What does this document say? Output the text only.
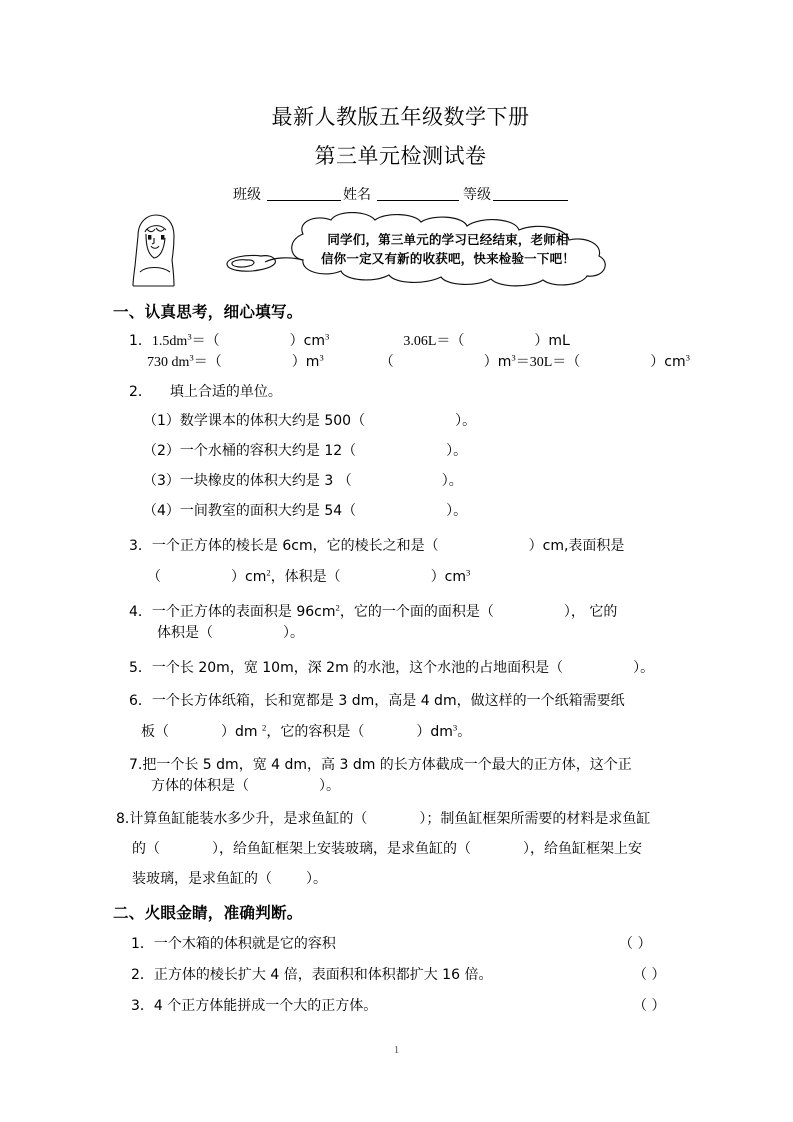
最新人教版五年级数学下册
第三单元检测试卷
班级	姓名	等级
同学们，第三单元的学习已经结束，老师相
信你一定又有新的收获吧，快来检验一下吧！
一、认真思考，细心填写。
1．$1.5dm^3=$（	）$cm^3$	3.06L＝（	）mL
730 $dm^3=$（	）$m^3$	（	）$m^3=30L=$（	）$cm^3$
2． 填上合适的单位。
（1）数学课本的体积大约是 500（	）。
（2）一个水桶的容积大约是 12（	）。
（3）一块橡皮的体积大约是 3 （	）。
（4）一间教室的面积大约是 54（	）。
3．一个正方体的棱长是 6cm，它的棱长之和是（	）cm,表面积是
（	）$cm^2$，体积是（	）$cm^3$
4．一个正方体的表面积是 $96cm^2$，它的一个面的面积是（	）， 它的
体积是（	）。
5．一个长 20m，宽 10m，深 2m 的水池，这个水池的占地面积是（	）。
6．一个长方体纸箱，长和宽都是 3 dm，高是 4 dm，做这样的一个纸箱需要纸
板（	）dm $^2$，它的容积是（	）$dm^3$。
7.把一个长 5 dm，宽 4 dm，高 3 dm 的长方体截成一个最大的正方体，这个正
方体的体积是（	）。
8.计算鱼缸能装水多少升，是求鱼缸的（	）；制鱼缸框架所需要的材料是求鱼缸
的（	），给鱼缸框架上安装玻璃，是求鱼缸的（	），给鱼缸框架上安
装玻璃，是求鱼缸的（ ）。
二、火眼金睛，准确判断。
1．一个木箱的体积就是它的容积	（ ）
2．正方体的棱长扩大 4 倍，表面积和体积都扩大 16 倍。	（ ）
3．4 个正方体能拼成一个大的正方体。	（ ）
1
